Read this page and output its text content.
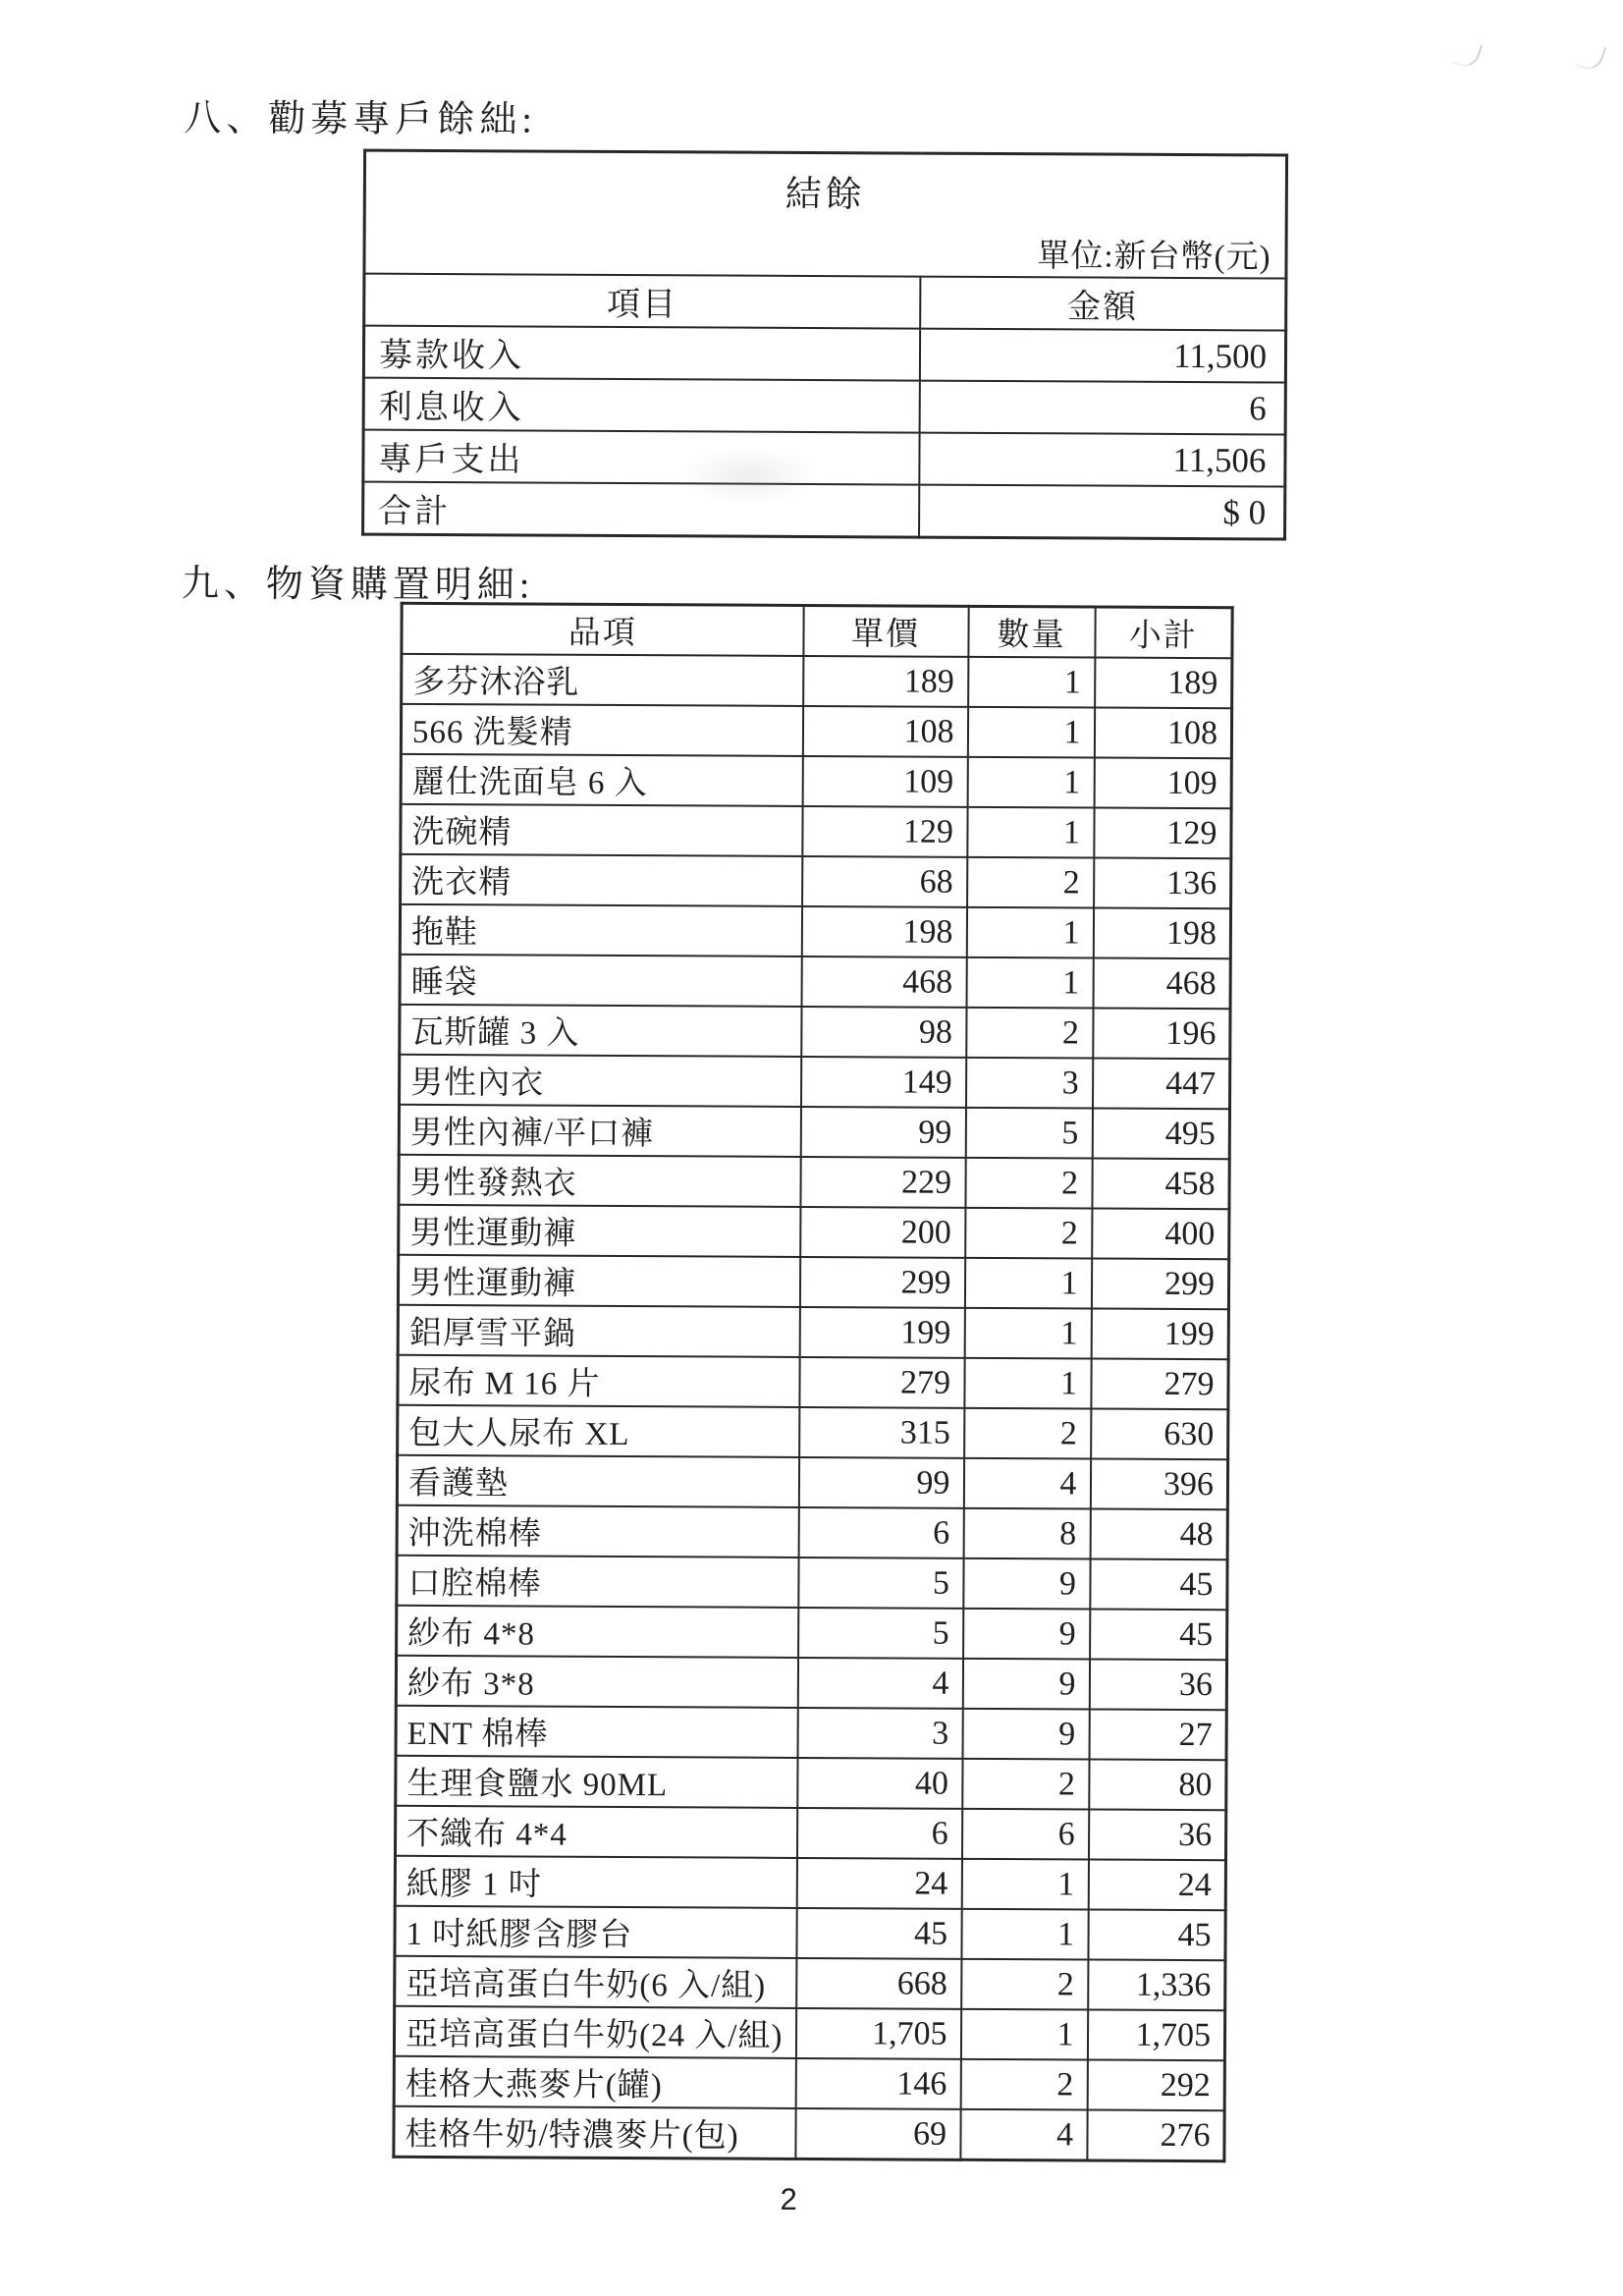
八、勸募專戶餘絀:
結餘
單位:新台幣(元)	

項目	金額
募款收入	11,500
利息收入	6
專戶支出	11,506
合計	$ 0
九、物資購置明細:
品項	單價	數量	小計
多芬沐浴乳	189	1	189
566 洗髮精	108	1	108
麗仕洗面皂 6 入	109	1	109
洗碗精	129	1	129
洗衣精	68	2	136
拖鞋	198	1	198
睡袋	468	1	468
瓦斯罐 3 入	98	2	196
男性內衣	149	3	447
男性內褲/平口褲	99	5	495
男性發熱衣	229	2	458
男性運動褲	200	2	400
男性運動褲	299	1	299
鋁厚雪平鍋	199	1	199
尿布 M 16 片	279	1	279
包大人尿布 XL	315	2	630
看護墊	99	4	396
沖洗棉棒	6	8	48
口腔棉棒	5	9	45
紗布 4*8	5	9	45
紗布 3*8	4	9	36
ENT 棉棒	3	9	27
生理食鹽水 90ML	40	2	80
不織布 4*4	6	6	36
紙膠 1 吋	24	1	24
1 吋紙膠含膠台	45	1	45
亞培高蛋白牛奶(6 入/組)	668	2	1,336
亞培高蛋白牛奶(24 入/組)	1,705	1	1,705
桂格大燕麥片(罐)	146	2	292
桂格牛奶/特濃麥片(包)	69	4	276
2
